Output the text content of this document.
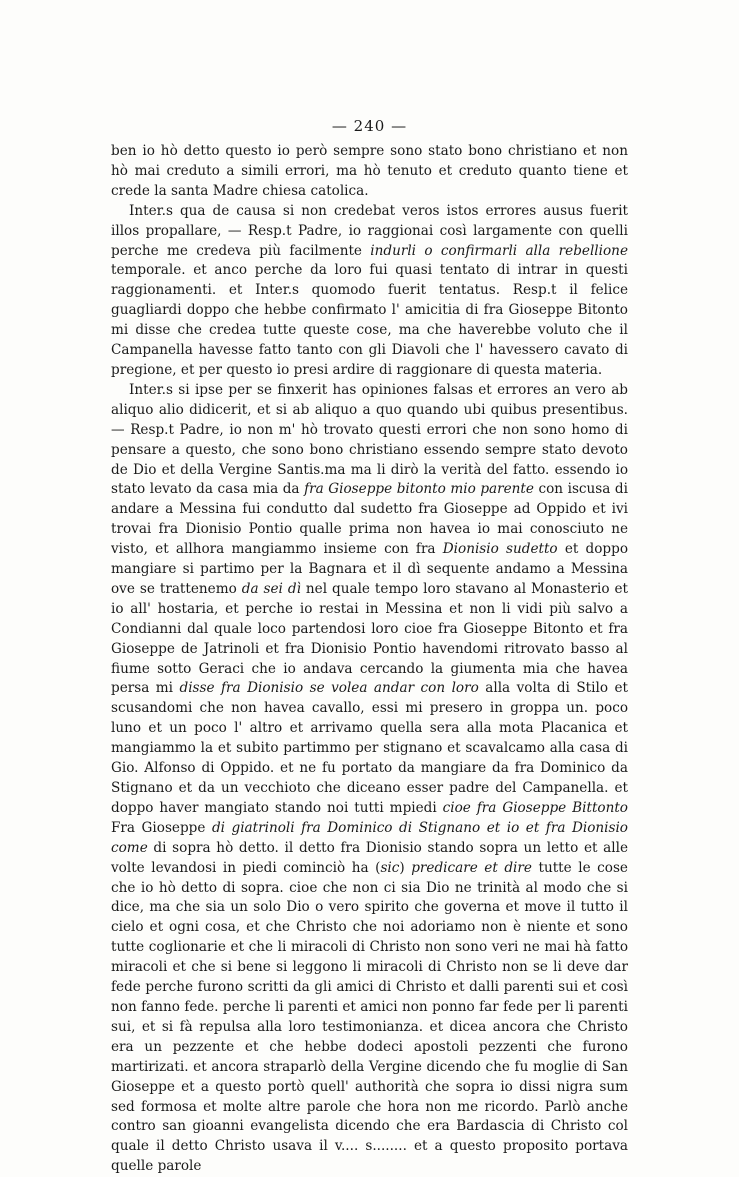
— 240 —

ben io hò detto questo io però sempre sono stato bono christiano et non hò mai creduto a simili errori, ma hò tenuto et creduto quanto tiene et crede la santa Madre chiesa catolica.

Inter.s qua de causa si non credebat veros istos errores ausus fuerit illos propallare, — Resp.t Padre, io raggionai così largamente con quelli perche me credeva più facilmente indurli o confirmarli alla rebellione temporale. et anco perche da loro fui quasi tentato di intrar in questi raggionamenti. et Inter.s quomodo fuerit tentatus. Resp.t il felice guagliardi doppo che hebbe confirmato l' amicitia di fra Gioseppe Bitonto mi disse che credea tutte queste cose, ma che haverebbe voluto che il Campanella havesse fatto tanto con gli Diavoli che l' havessero cavato di pregione, et per questo io presi ardire di raggionare di questa materia.

Inter.s si ipse per se finxerit has opiniones falsas et errores an vero ab aliquo alio didicerit, et si ab aliquo a quo quando ubi quibus presentibus. — Resp.t Padre, io non m' hò trovato questi errori che non sono homo di pensare a questo, che sono bono christiano essendo sempre stato devoto de Dio et della Vergine Santis.ma ma li dirò la verità del fatto. essendo io stato levato da casa mia da fra Gioseppe bitonto mio parente con iscusa di andare a Messina fui condutto dal sudetto fra Gioseppe ad Oppido et ivi trovai fra Dionisio Pontio qualle prima non havea io mai conosciuto ne visto, et allhora mangiammo insieme con fra Dionisio sudetto et doppo mangiare si partimo per la Bagnara et il dì sequente andamo a Messina ove se trattenemo da sei dì nel quale tempo loro stavano al Monasterio et io all' hostaria, et perche io restai in Messina et non li vidi più salvo a Condianni dal quale loco partendosi loro cioe fra Gioseppe Bitonto et fra Gioseppe de Jatrinoli et fra Dionisio Pontio havendomi ritrovato basso al fiume sotto Geraci che io andava cercando la giumenta mia che havea persa mi disse fra Dionisio se volea andar con loro alla volta di Stilo et scusandomi che non havea cavallo, essi mi presero in groppa un. poco luno et un poco l' altro et arrivamo quella sera alla mota Placanica et mangiammo la et subito partimmo per stignano et scavalcamo alla casa di Gio. Alfonso di Oppido. et ne fu portato da mangiare da fra Dominico da Stignano et da un vecchioto che diceano esser padre del Campanella. et doppo haver mangiato stando noi tutti mpiedi cioe fra Gioseppe Bittonto Fra Gioseppe di giatrinoli fra Dominico di Stignano et io et fra Dionisio come di sopra hò detto. il detto fra Dionisio stando sopra un letto et alle volte levandosi in piedi cominciò ha (sic) predicare et dire tutte le cose che io hò detto di sopra. cioe che non ci sia Dio ne trinità al modo che si dice, ma che sia un solo Dio o vero spirito che governa et move il tutto il cielo et ogni cosa, et che Christo che noi adoriamo non è niente et sono tutte coglionarie et che li miracoli di Christo non sono veri ne mai hà fatto miracoli et che si bene si leggono li miracoli di Christo non se li deve dar fede perche furono scritti da gli amici di Christo et dalli parenti sui et così non fanno fede. perche li parenti et amici non ponno far fede per li parenti sui, et si fà repulsa alla loro testimonianza. et dicea ancora che Christo era un pezzente et che hebbe dodeci apostoli pezzenti che furono martirizati. et ancora straparlò della Vergine dicendo che fu moglie di San Gioseppe et a questo portò quell' authorità che sopra io dissi nigra sum sed formosa et molte altre parole che hora non me ricordo. Parlò anche contro san gioanni evangelista dicendo che era Bardascia di Christo col quale il detto Christo usava il v.... s........ et a questo proposito portava quelle parole
